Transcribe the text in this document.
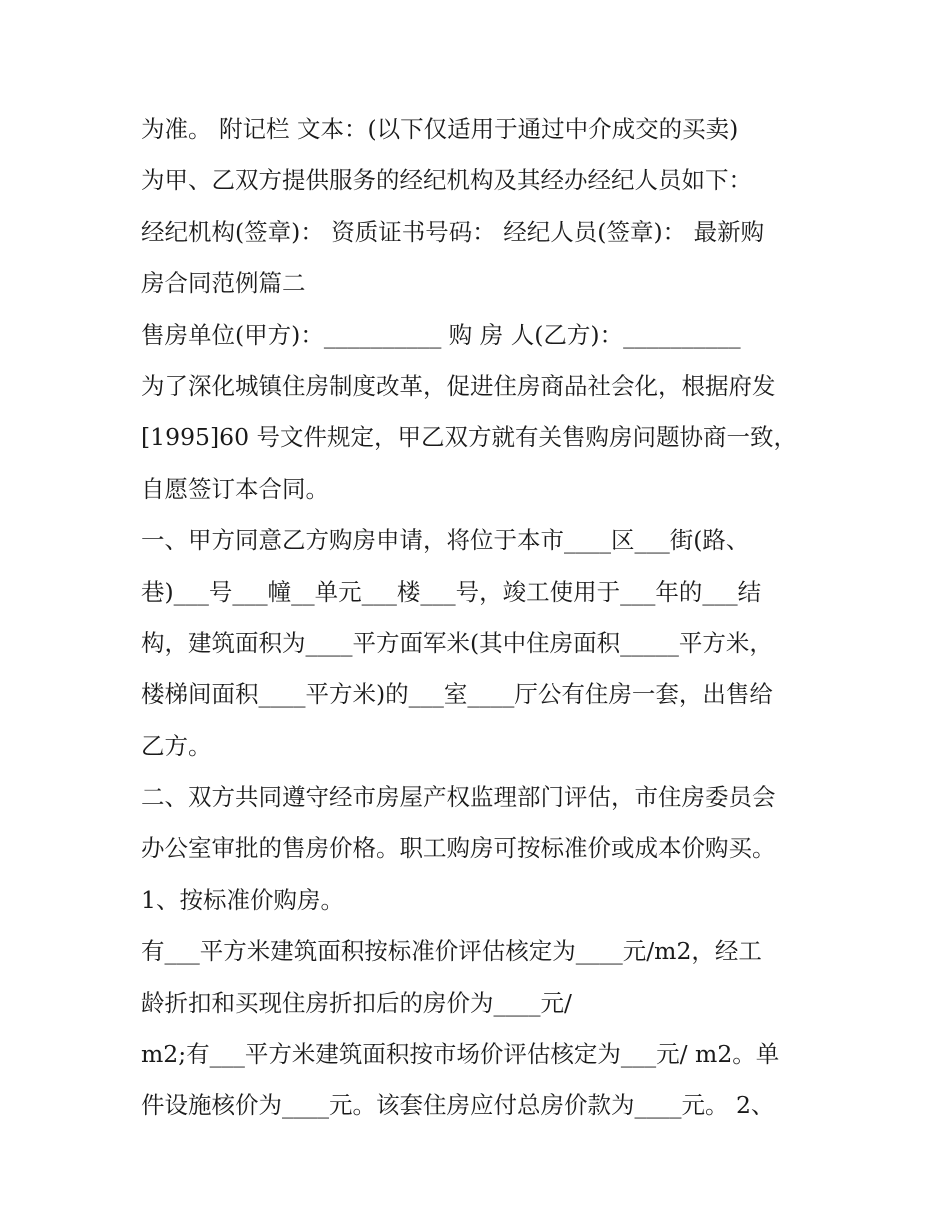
为准。 附记栏 文本：(以下仅适用于通过中介成交的买卖)
为甲、乙双方提供服务的经纪机构及其经办经纪人员如下：
经纪机构(签章)： 资质证书号码： 经纪人员(签章)： 最新购
房合同范例篇二
售房单位(甲方)：__________ 购 房 人(乙方)：__________
为了深化城镇住房制度改革，促进住房商品社会化，根据府发
[1995]60 号文件规定，甲乙双方就有关售购房问题协商一致，
自愿签订本合同。
一、甲方同意乙方购房申请，将位于本市____区___街(路、
巷)___号___幢__单元___楼___号，竣工使用于___年的___结
构，建筑面积为____平方面军米(其中住房面积_____平方米，
楼梯间面积____平方米)的___室____厅公有住房一套，出售给
乙方。
二、双方共同遵守经市房屋产权监理部门评估，市住房委员会
办公室审批的售房价格。职工购房可按标准价或成本价购买。
1、按标准价购房。
有___平方米建筑面积按标准价评估核定为____元/m2，经工
龄折扣和买现住房折扣后的房价为____元/
m2;有___平方米建筑面积按市场价评估核定为___元/ m2。单
件设施核价为____元。该套住房应付总房价款为____元。 2、
